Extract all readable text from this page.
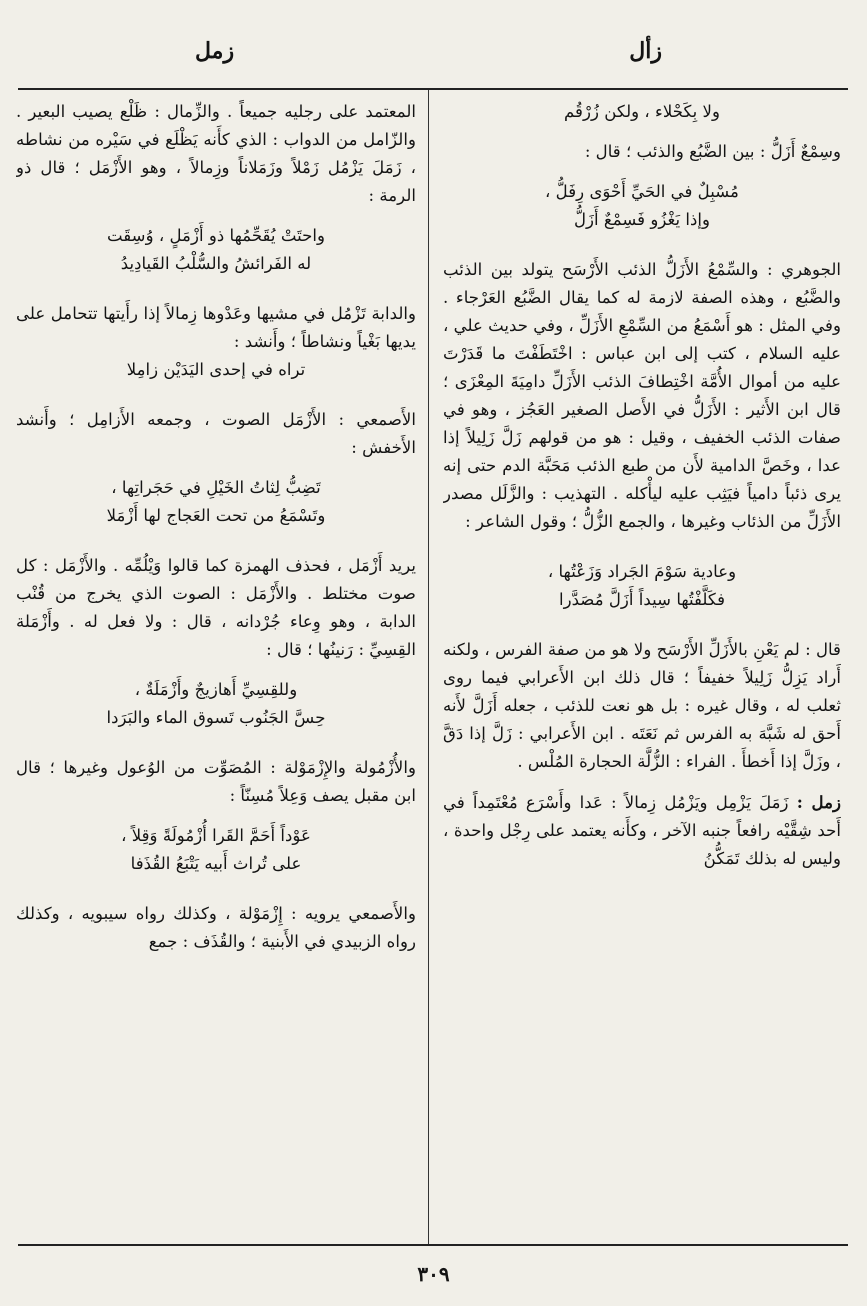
زأل
زمل

ولا بِكَحْلاء ، ولكن زُرْقُم

وسِمْعٌ أَزَلُّ : بين الضَّبُع والذئب ؛ قال :

مُسْبِلٌ في الحَيِّ أَحْوَى رِفَلُّ ،

وإذا يَغْزُو فَسِمْعٌ أَزَلُّ

الجوهري : والسِّمْعُ الأَزَلُّ الذئب الأَرْسَح يتولد بين الذئب والضَّبُع ، وهذه الصفة لازمة له كما يقال الضَّبُع العَرْجاء . وفي المثل : هو أَسْمَعُ من السِّمْعِ الأَزَلِّ ، وفي حديث علي ، عليه السلام ، كتب إلى ابن عباس : اخْتَطَفْتَ ما قَدَرْتَ عليه من أموال الأُمَّة اخْتِطافَ الذئب الأَزَلِّ دامِيَةَ المِعْزَى ؛ قال ابن الأَثير : الأَزَلُّ في الأَصل الصغير العَجُز ، وهو في صفات الذئب الخفيف ، وقيل : هو من قولهم زَلَّ زَلِيلاً إذا عدا ، وخَصَّ الدامية لأَن من طبع الذئب مَحَبَّة الدم حتى إنه يرى ذئباً دامياً فيَثِب عليه ليأْكله . التهذيب : والزَّلَل مصدر الأَزَلِّ من الذئاب وغيرها ، والجمع الزُّلُّ ؛ وقول الشاعر :

وعادية سَوْمَ الجَراد وَزَعْتُها ،

فكَلَّفْتُها سِيداً أَزَلَّ مُصَدَّرا

قال : لم يَعْنِ بالأَزَلِّ الأَرْسَح ولا هو من صفة الفرس ، ولكنه أَراد يَزِلُّ زَلِيلاً خفيفاً ؛ قال ذلك ابن الأَعرابي فيما روى ثعلب له ، وقال غيره : بل هو نعت للذئب ، جعله أَزَلَّ لأَنه أَحق له شَبَّهَ به الفرس ثم نَعَتَه . ابن الأَعرابي : زَلَّ إذا دَقَّ ، وزَلَّ إذا أَخطأَ . الفراء : الزُّلَّة الحجارة المُلْس .

زمل : زَمَلَ يَزْمِل ويَزْمُل زِمالاً : عَدا وأَسْرَع مُعْتَمِداً في أَحد شِقَّيْه رافعاً جنبه الآخر ، وكأَنه يعتمد على رِجْل واحدة ، وليس له بذلك تَمَكُّنُ

المعتمد على رجليه جميعاً . والزِّمال : ظَلْع يصيب البعير . والزّامل من الدواب : الذي كأَنه يَظْلَع في سَيْره من نشاطه ، زَمَلَ يَزْمُل زَمْلاً وزَمَلاناً وزِمالاً ، وهو الأَزْمَل ؛ قال ذو الرمة :

واحتَتْ يُقَحِّمُها ذو أَزْمَلٍ ، وُسِقَت

له الفَرائشُ والسُّلْبُ القَيادِيدُ

والدابة تَزْمُل في مشيها وعَدْوها زِمالاً إذا رأَيتها تتحامل على يديها بَغْياً ونشاطاً ؛ وأَنشد :

تراه في إحدى اليَدَيْن زامِلا

الأَصمعي : الأَزْمَل الصوت ، وجمعه الأَزامِل ؛ وأَنشد الأَخفش :

تَضِبُّ لِثاتُ الخَيْلِ في حَجَراتِها ،

وتَسْمَعُ من تحت العَجاج لها أَزْمَلا

يريد أَزْمَل ، فحذف الهمزة كما قالوا وَيْلُمِّه . والأَزْمَل : كل صوت مختلط . والأَزْمَل : الصوت الذي يخرج من قُنْب الدابة ، وهو وِعاء جُرْدانه ، قال : ولا فعل له . وأَزْمَلة القِسِيِّ : رَنينُها ؛ قال :

وللقِسِيِّ أَهازيجٌ وأَزْمَلَةٌ ،

حِسَّ الجَنُوب تَسوق الماء والبَرَدا

والأُزْمُولة والإِزْمَوْلة : المُصَوِّت من الوُعول وغيرها ؛ قال ابن مقبل يصف وَعِلاً مُسِنّاً :

عَوْداً أَحَمَّ القَرا أُزْمُولَةً وَقِلاً ،

على تُراث أَبيه يَتْبَعُ القُذَفا

والأَصمعي يرويه : إِزْمَوْلة ، وكذلك رواه سيبويه ، وكذلك رواه الزبيدي في الأَبنية ؛ والقُذَف : جمع

٣٠٩
